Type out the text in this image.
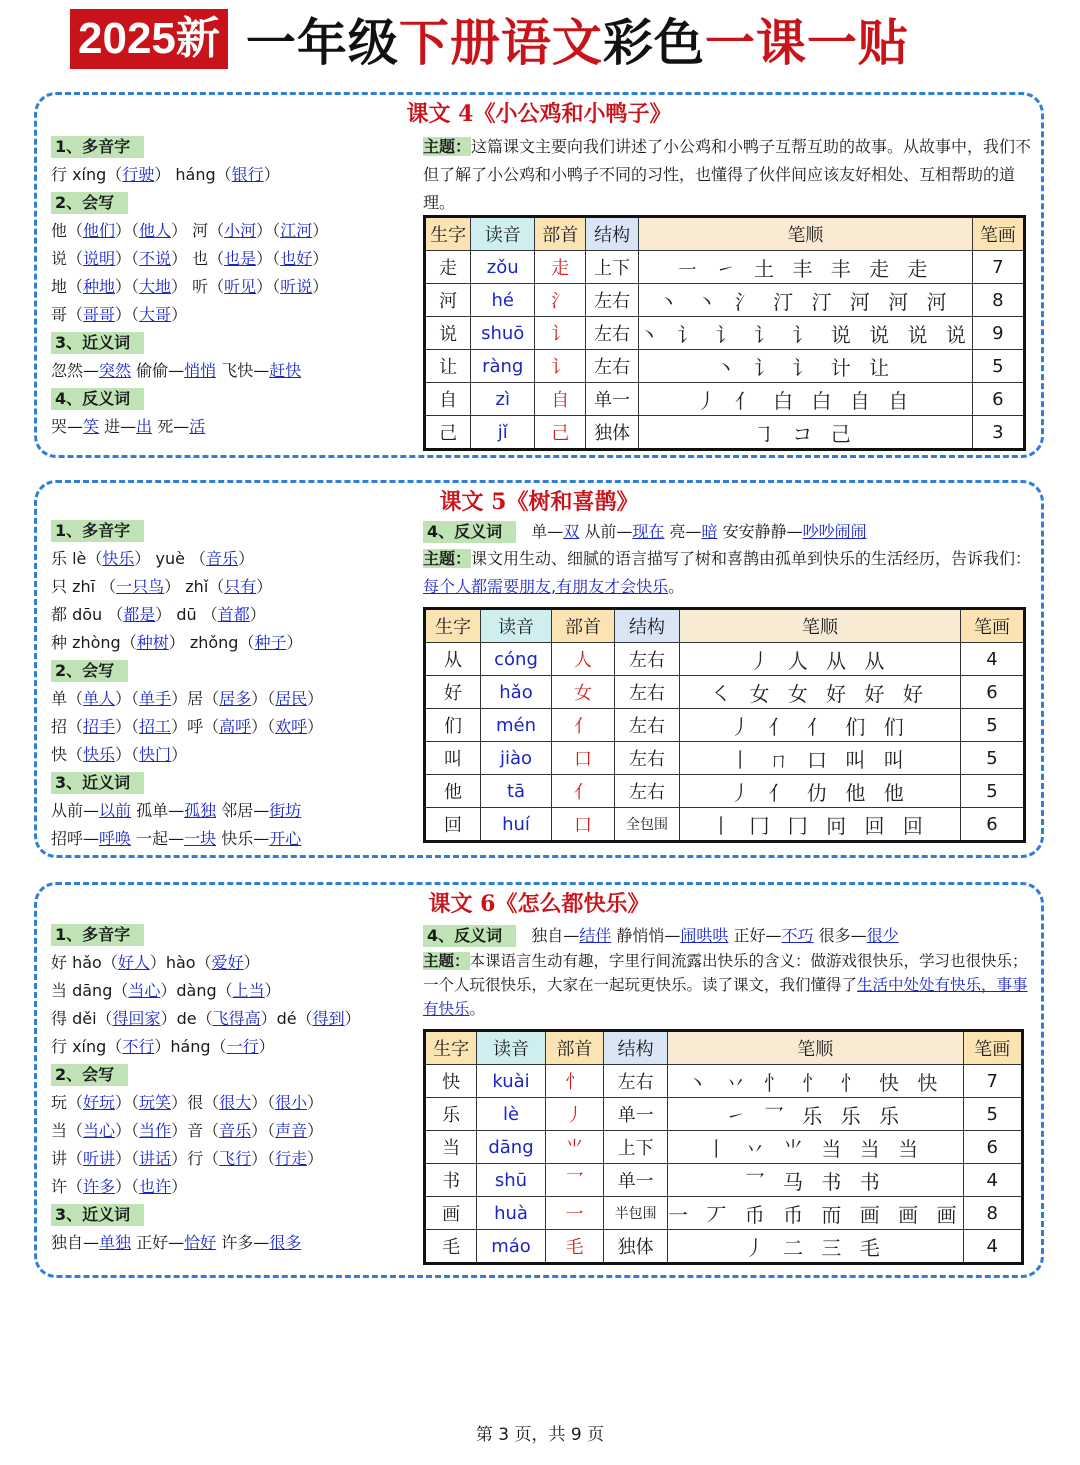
2025新 一年级下册语文彩色一课一贴
课文 4《小公鸡和小鸭子》
1、多音字
行 xíng（行驶） háng（银行）
2、会写
他（他们）（他人） 河（小河）（江河）
说（说明）（不说） 也（也是）（也好）
地（种地）（大地） 听（听见）（听说）
哥（哥哥）（大哥）
3、近义词
忽然—突然 偷偷—悄悄 飞快—赶快
4、反义词
哭—笑 进—出 死—活
主题：这篇课文主要向我们讲述了小公鸡和小鸭子互帮互助的故事。从故事中，我们不但了解了小公鸡和小鸭子不同的习性，也懂得了伙伴间应该友好相处、互相帮助的道理。
生字	读音	部首	结构	笔顺	笔画
走	zǒu	走	上下	㇐ ㇀ 土 丰 丰 走 走	7
河	hé	氵	左右	丶 丶 氵 汀 汀 河 河 河	8
说	shuō	讠	左右	丶 讠 讠 讠 讠 说 说 说 说	9
让	ràng	讠	左右	丶 讠 讠 计 让	5
自	zì	自	单一	丿 亻 白 白 自 自	6
己	jǐ	己	独体	㇆ コ 己	3
课文 5《树和喜鹊》
1、多音字
乐 lè（快乐） yuè （音乐）
只 zhī （一只鸟） zhǐ（只有）
都 dōu （都是） dū （首都）
种 zhòng（种树） zhǒng（种子）
2、会写
单（单人）（单手）居（居多）（居民）
招（招手）（招工）呼（高呼）（欢呼）
快（快乐）（快门）
3、近义词
从前—以前 孤单—孤独 邻居—街坊
招呼—呼唤 一起—一块 快乐—开心
4、反义词 单—双 从前—现在 亮—暗 安安静静—吵吵闹闹
主题：课文用生动、细腻的语言描写了树和喜鹊由孤单到快乐的生活经历，告诉我们：每个人都需要朋友,有朋友才会快乐。
生字	读音	部首	结构	笔顺	笔画
从	cóng	人	左右	丿 人 从 从	4
好	hǎo	女	左右	㇛ 女 女 好 好 好	6
们	mén	亻	左右	丿 亻 亻 们 们	5
叫	jiào	口	左右	丨 ㄇ 口 叫 叫	5
他	tā	亻	左右	丿 亻 仂 他 他	5
回	huí	口	全包围	丨 冂 冂 冋 回 回	6
课文 6《怎么都快乐》
1、多音字
好 hǎo（好人）hào（爱好）
当 dāng（当心）dàng（上当）
得 děi（得回家）de（飞得高）dé（得到）
行 xíng（不行）háng（一行）
2、会写
玩（好玩）（玩笑）很（很大）（很小）
当（当心）（当作）音（音乐）（声音）
讲（听讲）（讲话）行（飞行）（行走）
许（许多）（也许）
3、近义词
独自—单独 正好—恰好 许多—很多
4、反义词 独自—结伴 静悄悄—闹哄哄 正好—不巧 很多—很少
主题：本课语言生动有趣，字里行间流露出快乐的含义：做游戏很快乐，学习也很快乐；一个人玩很快乐，大家在一起玩更快乐。读了课文，我们懂得了生活中处处有快乐，事事有快乐。
生字	读音	部首	结构	笔顺	笔画
快	kuài	忄	左右	丶 丷 忄 忄 忄 快 快	7
乐	lè	丿	单一	㇀ 乛 乐 乐 乐	5
当	dāng	⺌	上下	丨 丷 ⺌ 当 当 当	6
书	shū	乛	单一	乛 马 书 书	4
画	huà	一	半包围	一 丆 币 币 而 画 画 画	8
毛	máo	毛	独体	丿 二 三 毛	4
第 3 页，共 9 页
